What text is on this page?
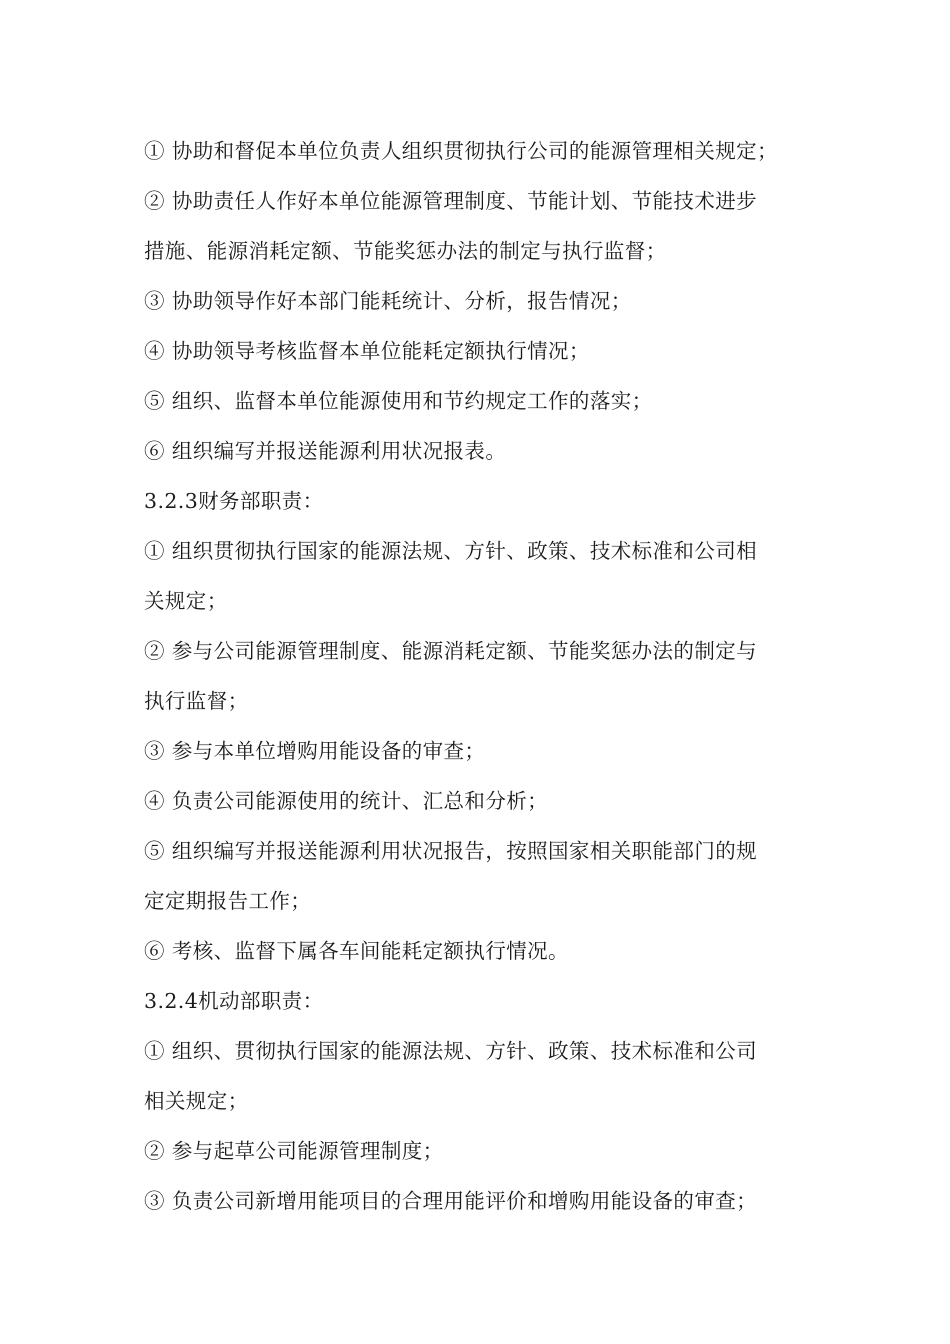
① 协助和督促本单位负责人组织贯彻执行公司的能源管理相关规定；
② 协助责任人作好本单位能源管理制度、节能计划、节能技术进步
措施、能源消耗定额、节能奖惩办法的制定与执行监督；
③ 协助领导作好本部门能耗统计、分析，报告情况；
④ 协助领导考核监督本单位能耗定额执行情况；
⑤ 组织、监督本单位能源使用和节约规定工作的落实；
⑥ 组织编写并报送能源利用状况报表。
3.2.3财务部职责：
① 组织贯彻执行国家的能源法规、方针、政策、技术标准和公司相
关规定；
② 参与公司能源管理制度、能源消耗定额、节能奖惩办法的制定与
执行监督；
③ 参与本单位增购用能设备的审查；
④ 负责公司能源使用的统计、汇总和分析；
⑤ 组织编写并报送能源利用状况报告，按照国家相关职能部门的规
定定期报告工作；
⑥ 考核、监督下属各车间能耗定额执行情况。
3.2.4机动部职责：
① 组织、贯彻执行国家的能源法规、方针、政策、技术标准和公司
相关规定；
② 参与起草公司能源管理制度；
③ 负责公司新增用能项目的合理用能评价和增购用能设备的审查；
